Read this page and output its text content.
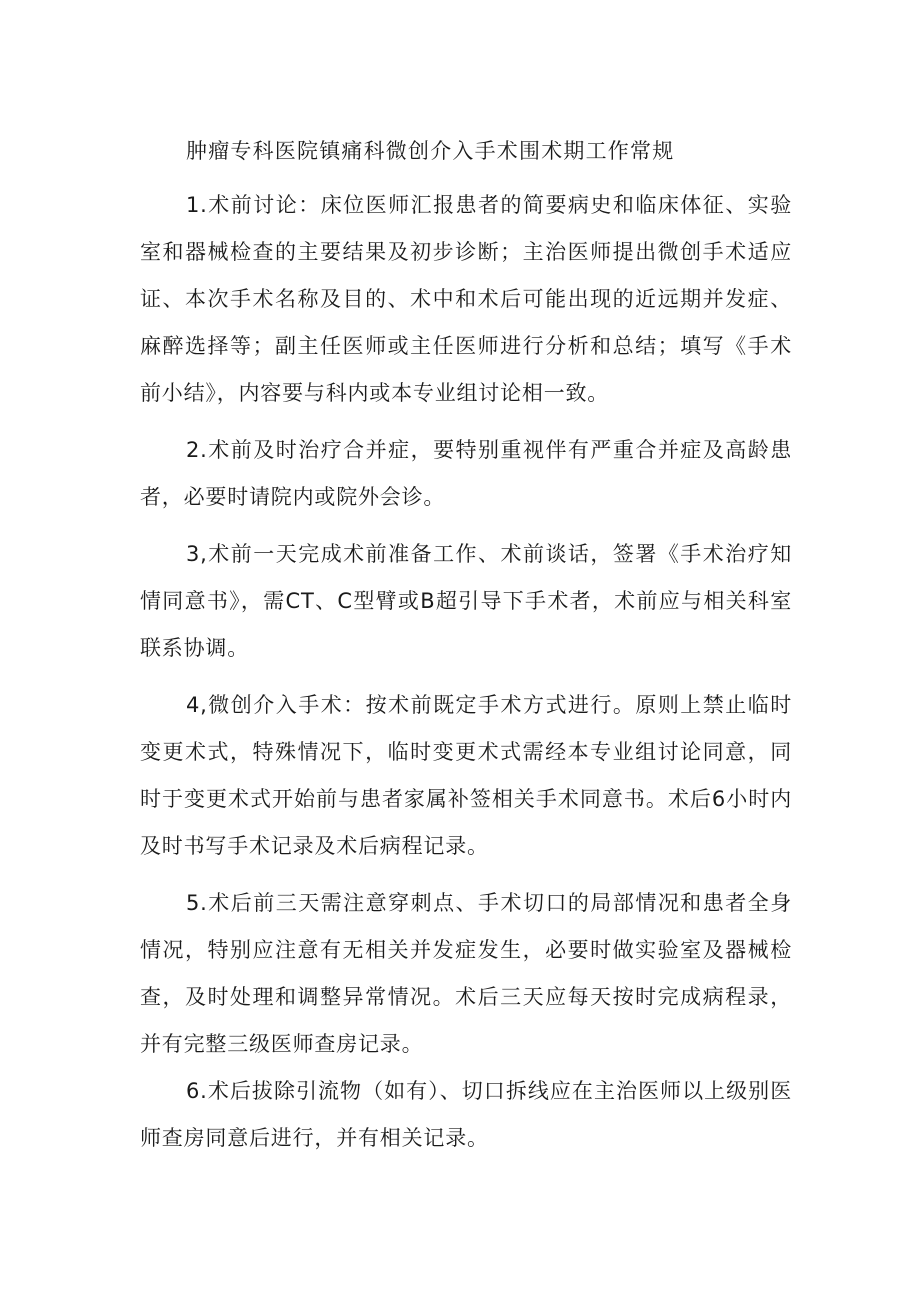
肿瘤专科医院镇痛科微创介入手术围术期工作常规

1.术前讨论：床位医师汇报患者的简要病史和临床体征、实验室和器械检查的主要结果及初步诊断；主治医师提出微创手术适应证、本次手术名称及目的、术中和术后可能出现的近远期并发症、麻醉选择等；副主任医师或主任医师进行分析和总结；填写《手术前小结》，内容要与科内或本专业组讨论相一致。

2.术前及时治疗合并症，要特别重视伴有严重合并症及高龄患者，必要时请院内或院外会诊。

3,术前一天完成术前准备工作、术前谈话，签署《手术治疗知情同意书》，需CT、C型臂或B超引导下手术者，术前应与相关科室联系协调。

4,微创介入手术：按术前既定手术方式进行。原则上禁止临时变更术式，特殊情况下，临时变更术式需经本专业组讨论同意，同时于变更术式开始前与患者家属补签相关手术同意书。术后6小时内及时书写手术记录及术后病程记录。

5.术后前三天需注意穿刺点、手术切口的局部情况和患者全身情况，特别应注意有无相关并发症发生，必要时做实验室及器械检查，及时处理和调整异常情况。术后三天应每天按时完成病程录，并有完整三级医师查房记录。

6.术后拔除引流物（如有）、切口拆线应在主治医师以上级别医师查房同意后进行，并有相关记录。
